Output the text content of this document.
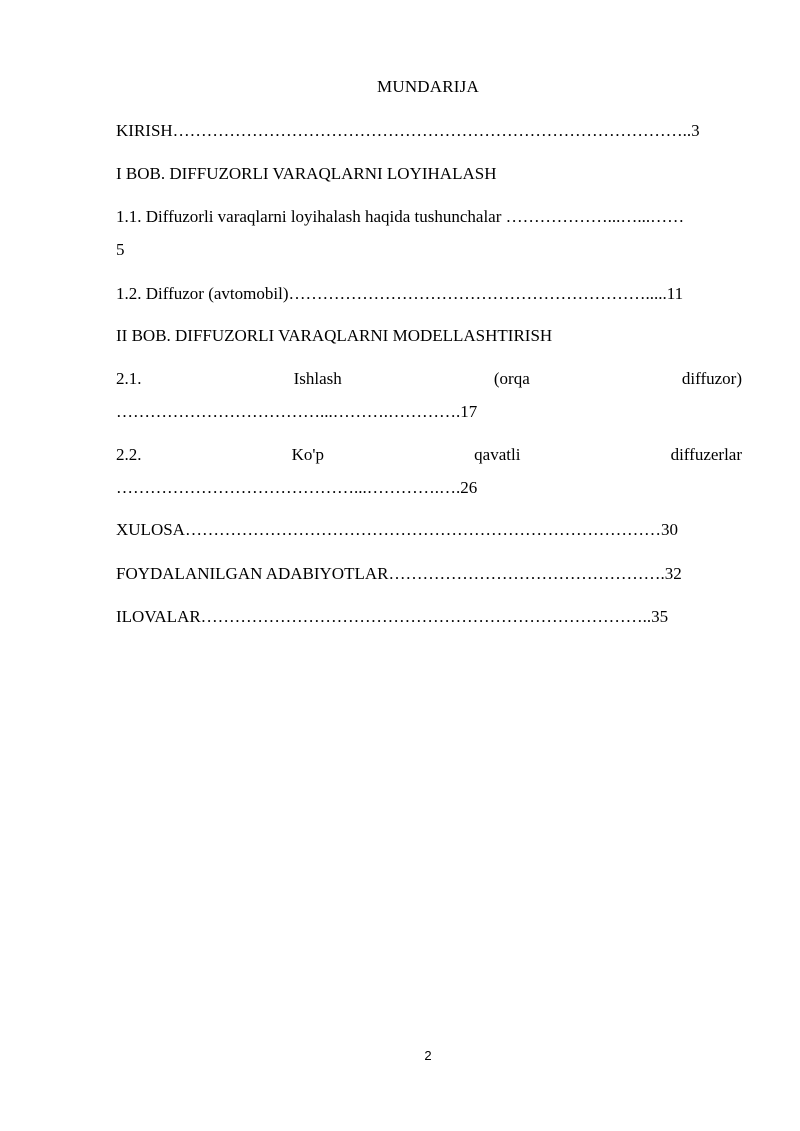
MUNDARIJA
KIRISH………………………………………………………………………………..3
I BOB. DIFFUZORLI VARAQLARNI LOYIHALASH
1.1. Diffuzorli varaqlarni loyihalash haqida tushunchalar ………………...…...……
5
1.2. Diffuzor (avtomobil)……………………………………………………….....11
II BOB. DIFFUZORLI VARAQLARNI MODELLASHTIRISH
2.1.	Ishlash	(orqa	diffuzor)
………………………………...……….………….17
2.2.	Ko'p	qavatli	diffuzerlar
……………………………………...………….….26
XULOSA…………………………………………………………………………30
FOYDALANILGAN ADABIYOTLAR………………………………………….32
ILOVALAR……………………………………………………………………..35
2
